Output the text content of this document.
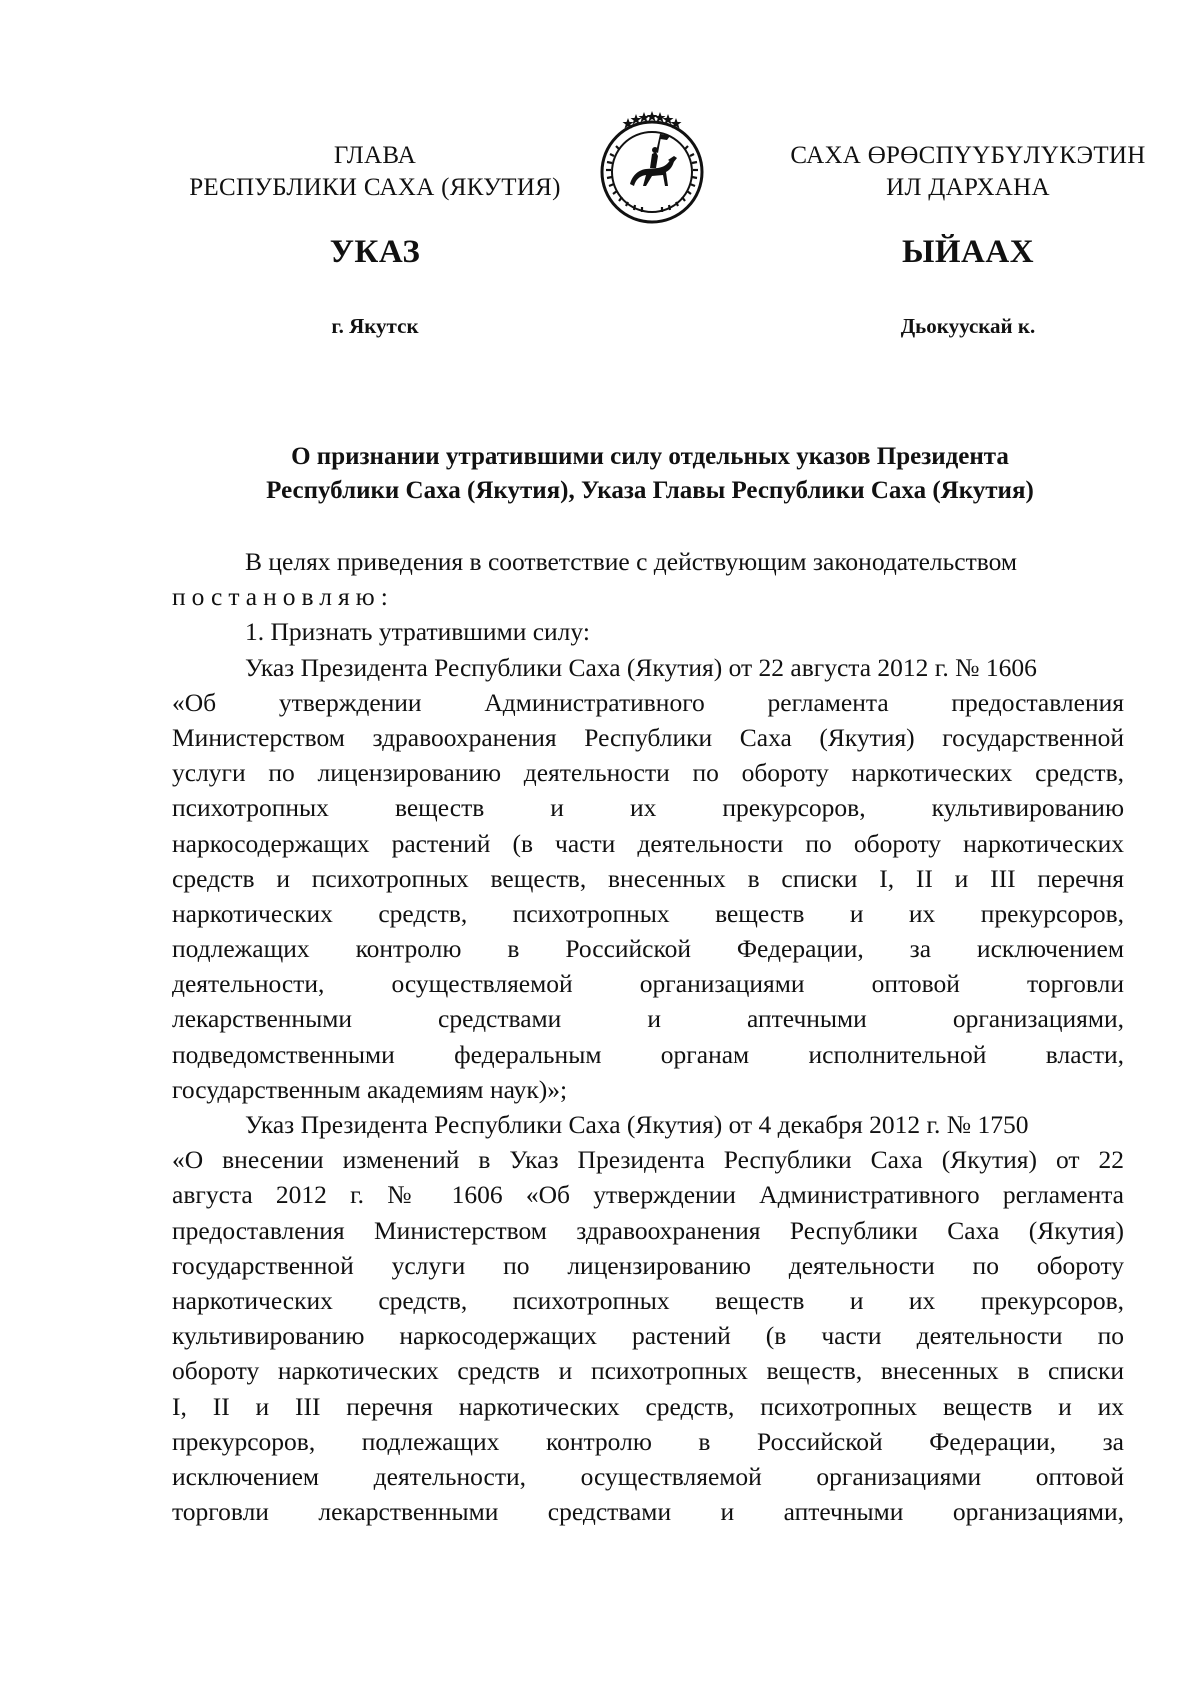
ГЛАВА
РЕСПУБЛИКИ САХА (ЯКУТИЯ)
САХА ӨРӨСПҮҮБҮЛҮКЭТИН
ИЛ ДАРХАНА
УКАЗ	ЫЙААХ
г. Якутск	Дьокуускай к.
О признании утратившими силу отдельных указов Президента
Республики Саха (Якутия), Указа Главы Республики Саха (Якутия)
В целях приведения в соответствие с действующим законодательством
постановляю:
1. Признать утратившими силу:
Указ Президента Республики Саха (Якутия) от 22 августа 2012 г. № 1606
«Об утверждении Административного регламента предоставления
Министерством здравоохранения Республики Саха (Якутия) государственной
услуги по лицензированию деятельности по обороту наркотических средств,
психотропных веществ и их прекурсоров, культивированию
наркосодержащих растений (в части деятельности по обороту наркотических
средств и психотропных веществ, внесенных в списки I, II и III перечня
наркотических средств, психотропных веществ и их прекурсоров,
подлежащих контролю в Российской Федерации, за исключением
деятельности, осуществляемой организациями оптовой торговли
лекарственными средствами и аптечными организациями,
подведомственными федеральным органам исполнительной власти,
государственным академиям наук)»;
Указ Президента Республики Саха (Якутия) от 4 декабря 2012 г. № 1750
«О внесении изменений в Указ Президента Республики Саха (Якутия) от 22
августа 2012 г. № 1606 «Об утверждении Административного регламента
предоставления Министерством здравоохранения Республики Саха (Якутия)
государственной услуги по лицензированию деятельности по обороту
наркотических средств, психотропных веществ и их прекурсоров,
культивированию наркосодержащих растений (в части деятельности по
обороту наркотических средств и психотропных веществ, внесенных в списки
I, II и III перечня наркотических средств, психотропных веществ и их
прекурсоров, подлежащих контролю в Российской Федерации, за
исключением деятельности, осуществляемой организациями оптовой
торговли лекарственными средствами и аптечными организациями,
